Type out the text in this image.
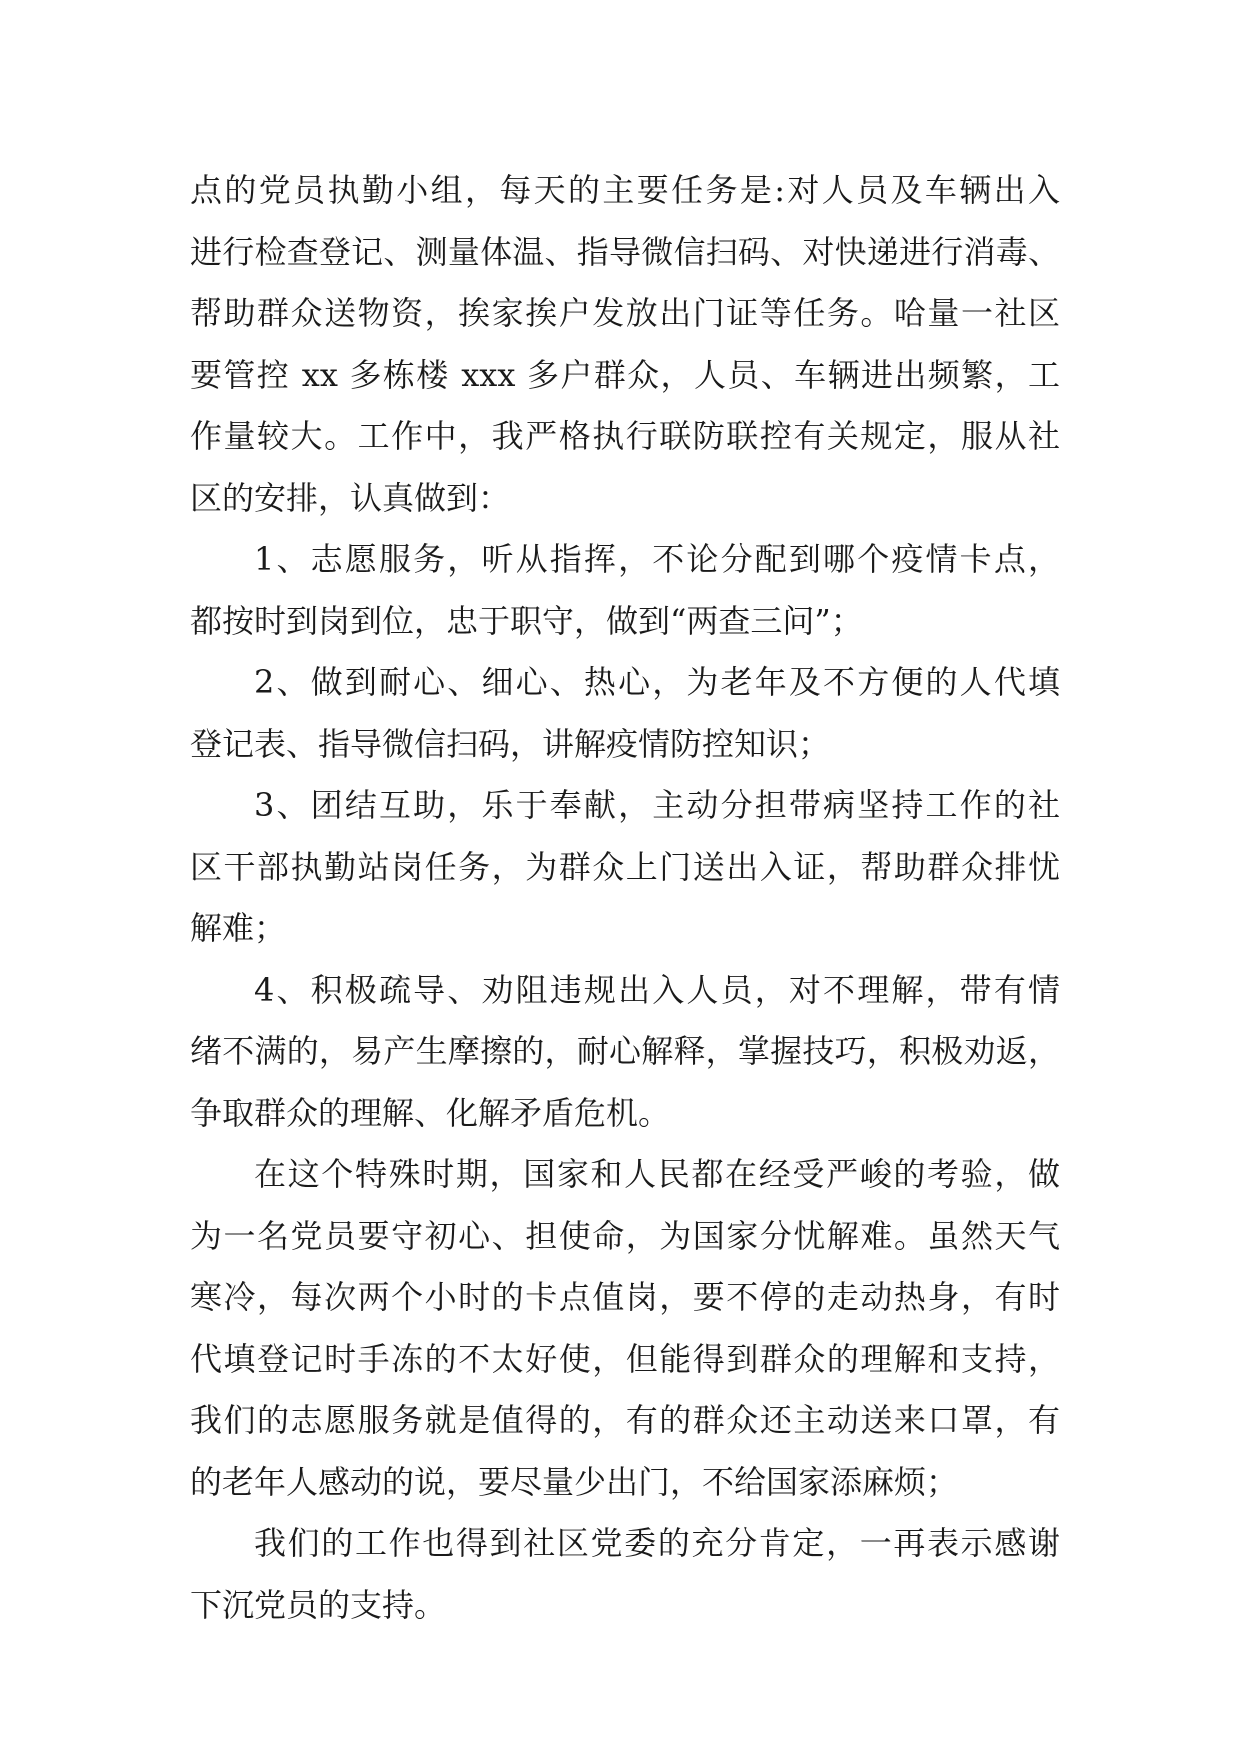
点的党员执勤小组，每天的主要任务是:对人员及车辆出入
进行检查登记、测量体温、指导微信扫码、对快递进行消毒、
帮助群众送物资，挨家挨户发放出门证等任务。哈量一社区
要管控 xx 多栋楼 xxx 多户群众，人员、车辆进出频繁，工
作量较大。工作中，我严格执行联防联控有关规定，服从社
区的安排，认真做到：
1、志愿服务，听从指挥，不论分配到哪个疫情卡点，
都按时到岗到位，忠于职守，做到“两查三问”；
2、做到耐心、细心、热心，为老年及不方便的人代填
登记表、指导微信扫码，讲解疫情防控知识；
3、团结互助，乐于奉献，主动分担带病坚持工作的社
区干部执勤站岗任务，为群众上门送出入证，帮助群众排忧
解难；
4、积极疏导、劝阻违规出入人员，对不理解，带有情
绪不满的，易产生摩擦的，耐心解释，掌握技巧，积极劝返，
争取群众的理解、化解矛盾危机。
在这个特殊时期，国家和人民都在经受严峻的考验，做
为一名党员要守初心、担使命，为国家分忧解难。虽然天气
寒冷，每次两个小时的卡点值岗，要不停的走动热身，有时
代填登记时手冻的不太好使，但能得到群众的理解和支持，
我们的志愿服务就是值得的，有的群众还主动送来口罩，有
的老年人感动的说，要尽量少出门，不给国家添麻烦；
我们的工作也得到社区党委的充分肯定，一再表示感谢
下沉党员的支持。
